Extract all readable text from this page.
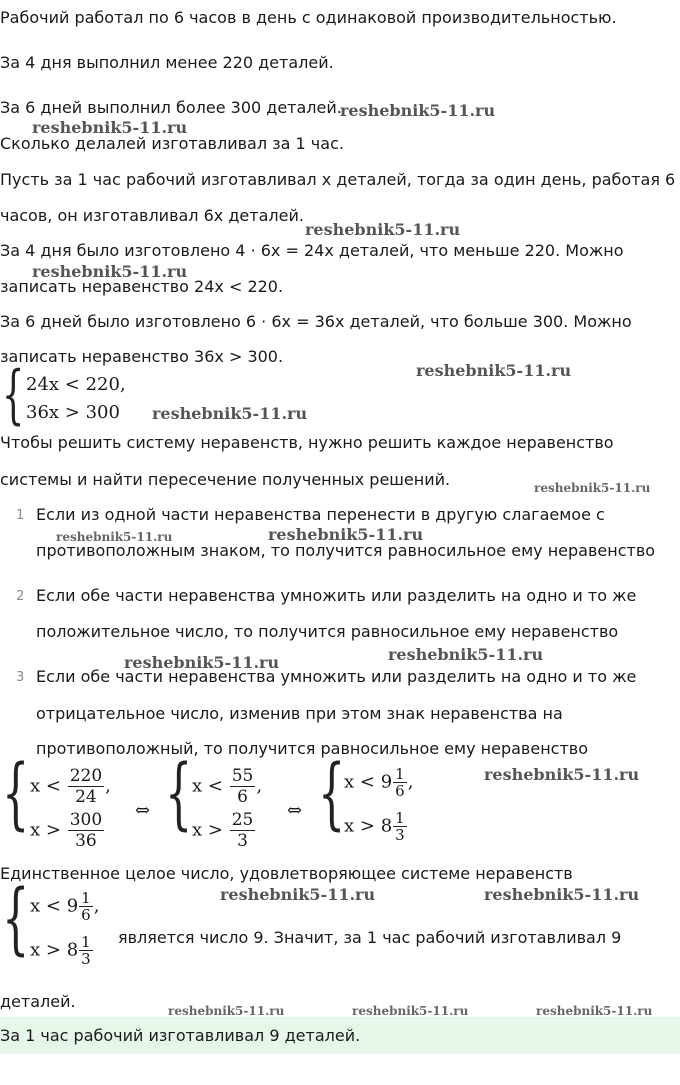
Рабочий работал по 6 часов в день с одинаковой производительностью.
За 4 дня выполнил менее 220 деталей.
За 6 дней выполнил более 300 деталей.
Сколько делалей изготавливал за 1 час.
Пусть за 1 час рабочий изготавливал x деталей, тогда за один день, работая 6
часов, он изготавливал 6x деталей.
За 4 дня было изготовлено 4 · 6x = 24x деталей, что меньше 220. Можно
записать неравенство 24x < 220.
За 6 дней было изготовлено 6 · 6x = 36x деталей, что больше 300. Можно
записать неравенство 36x > 300.
{ 24x < 220,
36x > 300
Чтобы решить систему неравенств, нужно решить каждое неравенство
системы и найти пересечение полученных решений.
1 Если из одной части неравенства перенести в другую слагаемое с
противоположным знаком, то получится равносильное ему неравенство
2 Если обе части неравенства умножить или разделить на одно и то же
положительное число, то получится равносильное ему неравенство
3 Если обе части неравенства умножить или разделить на одно и то же
отрицательное число, изменив при этом знак неравенства на
противоположный, то получится равносильное ему неравенство
{ $x < \frac{220}{24}$ ,
$x > \frac{300}{36}$ ⇔ { $x < \frac{55}{6}$ ,
$x > \frac{25}{3}$ ⇔ {
$x < 9 \frac{1}{6}$ ,
$x > 8 \frac{1}{3}$
Единственное целое число, удовлетворяющее системе неравенств
{ $x < 9 \frac{1}{6}$ ,
$x > 8 \frac{1}{3}$ является число 9. Значит, за 1 час рабочий изготавливал 9
деталей.
За 1 час рабочий изготавливал 9 деталей.
reshebnik5-11.ru
reshebnik5-11.ru
reshebnik5-11.ru
reshebnik5-11.ru
reshebnik5-11.ru
reshebnik5-11.ru
reshebnik5-11.ru
reshebnik5-11.ru	reshebnik5-11.ru
reshebnik5-11.ru
reshebnik5-11.ru
reshebnik5-11.ru
reshebnik5-11.ru	reshebnik5-11.ru
reshebnik5-11.ru	reshebnik5-11.ru	reshebnik5-11.ru
